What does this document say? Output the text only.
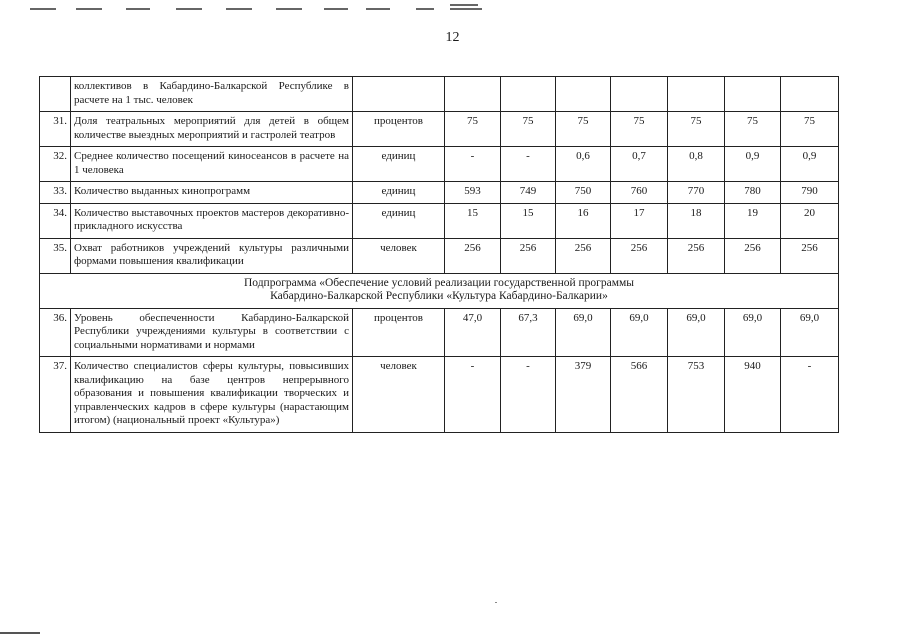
12
	коллективов в Кабардино-Балкарской Республике в расчете на 1 тыс. человек								
31.	Доля театральных мероприятий для детей в общем количестве выездных мероприятий и гастролей театров	процентов	75	75	75	75	75	75	75
32.	Среднее количество посещений киносеансов в расчете на 1 человека	единиц	-	-	0,6	0,7	0,8	0,9	0,9
33.	Количество выданных кинопрограмм	единиц	593	749	750	760	770	780	790
34.	Количество выставочных проектов мастеров декоративно-прикладного искусства	единиц	15	15	16	17	18	19	20
35.	Охват работников учреждений культуры различными формами повышения квалификации	человек	256	256	256	256	256	256	256

Подпрограмма «Обеспечение условий реализации государственной программы
Кабардино-Балкарской Республики «Культура Кабардино-Балкарии»									

36.	Уровень обеспеченности Кабардино-Балкарской Республики учреждениями культуры в соответствии с социальными нормативами и нормами	процентов	47,0	67,3	69,0	69,0	69,0	69,0	69,0
37.	Количество специалистов сферы культуры, повысивших квалификацию на базе центров непрерывного образования и повышения квалификации творческих и управленческих кадров в сфере культуры (нарастающим итогом) (национальный проект «Культура»)	человек	-	-	379	566	753	940	-
